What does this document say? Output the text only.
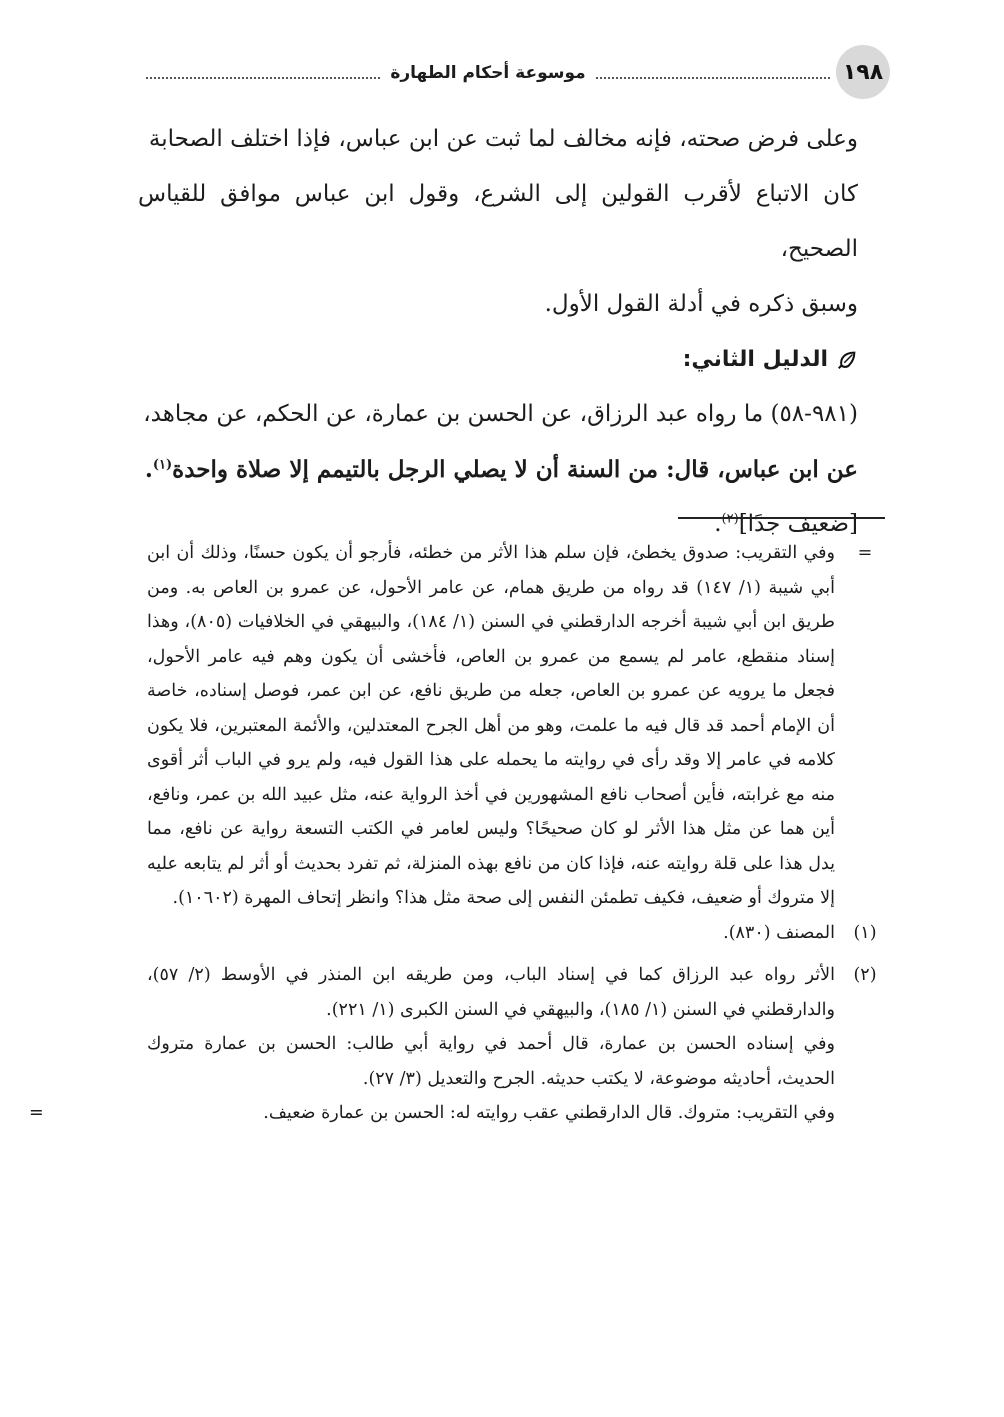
١٩٨
موسوعة أحكام الطهارة

وعلى فرض صحته، فإنه مخالف لما ثبت عن ابن عباس، فإذا اختلف الصحابة

كان الاتباع لأقرب القولين إلى الشرع، وقول ابن عباس موافق للقياس الصحيح،

وسبق ذكره في أدلة القول الأول.

الدليل الثاني:

(٩٨١-٥٨) ما رواه عبد الرزاق، عن الحسن بن عمارة، عن الحكم، عن مجاهد،

عن ابن عباس، قال: من السنة أن لا يصلي الرجل بالتيمم إلا صلاة واحدة$^{(١)}$.

[ضعيف جدًا]$^{(٢)}$.

=

وفي التقريب: صدوق يخطئ، فإن سلم هذا الأثر من خطئه، فأرجو أن يكون حسنًا، وذلك أن ابن أبي شيبة (١/ ١٤٧) قد رواه من طريق همام، عن عامر الأحول، عن عمرو بن العاص به. ومن طريق ابن أبي شيبة أخرجه الدارقطني في السنن (١/ ١٨٤)، والبيهقي في الخلافيات (٨٠٥)، وهذا إسناد منقطع، عامر لم يسمع من عمرو بن العاص، فأخشى أن يكون وهم فيه عامر الأحول، فجعل ما يرويه عن عمرو بن العاص، جعله من طريق نافع، عن ابن عمر، فوصل إسناده، خاصة أن الإمام أحمد قد قال فيه ما علمت، وهو من أهل الجرح المعتدلين، والأئمة المعتبرين، فلا يكون كلامه في عامر إلا وقد رأى في روايته ما يحمله على هذا القول فيه، ولم يرو في الباب أثر أقوى منه مع غرابته، فأين أصحاب نافع المشهورين في أخذ الرواية عنه، مثل عبيد الله بن عمر، ونافع، أين هما عن مثل هذا الأثر لو كان صحيحًا؟ وليس لعامر في الكتب التسعة رواية عن نافع، مما يدل هذا على قلة روايته عنه، فإذا كان من نافع بهذه المنزلة، ثم تفرد بحديث أو أثر لم يتابعه عليه إلا متروك أو ضعيف، فكيف تطمئن النفس إلى صحة مثل هذا؟ وانظر إتحاف المهرة (١٠٦٠٢).

(١)

المصنف (٨٣٠).

(٢)

الأثر رواه عبد الرزاق كما في إسناد الباب، ومن طريقه ابن المنذر في الأوسط (٢/ ٥٧)، والدارقطني في السنن (١/ ١٨٥)، والبيهقي في السنن الكبرى (١/ ٢٢١).

وفي إسناده الحسن بن عمارة، قال أحمد في رواية أبي طالب: الحسن بن عمارة متروك الحديث، أحاديثه موضوعة، لا يكتب حديثه. الجرح والتعديل (٣/ ٢٧).

وفي التقريب: متروك. قال الدارقطني عقب روايته له: الحسن بن عمارة ضعيف.
=
